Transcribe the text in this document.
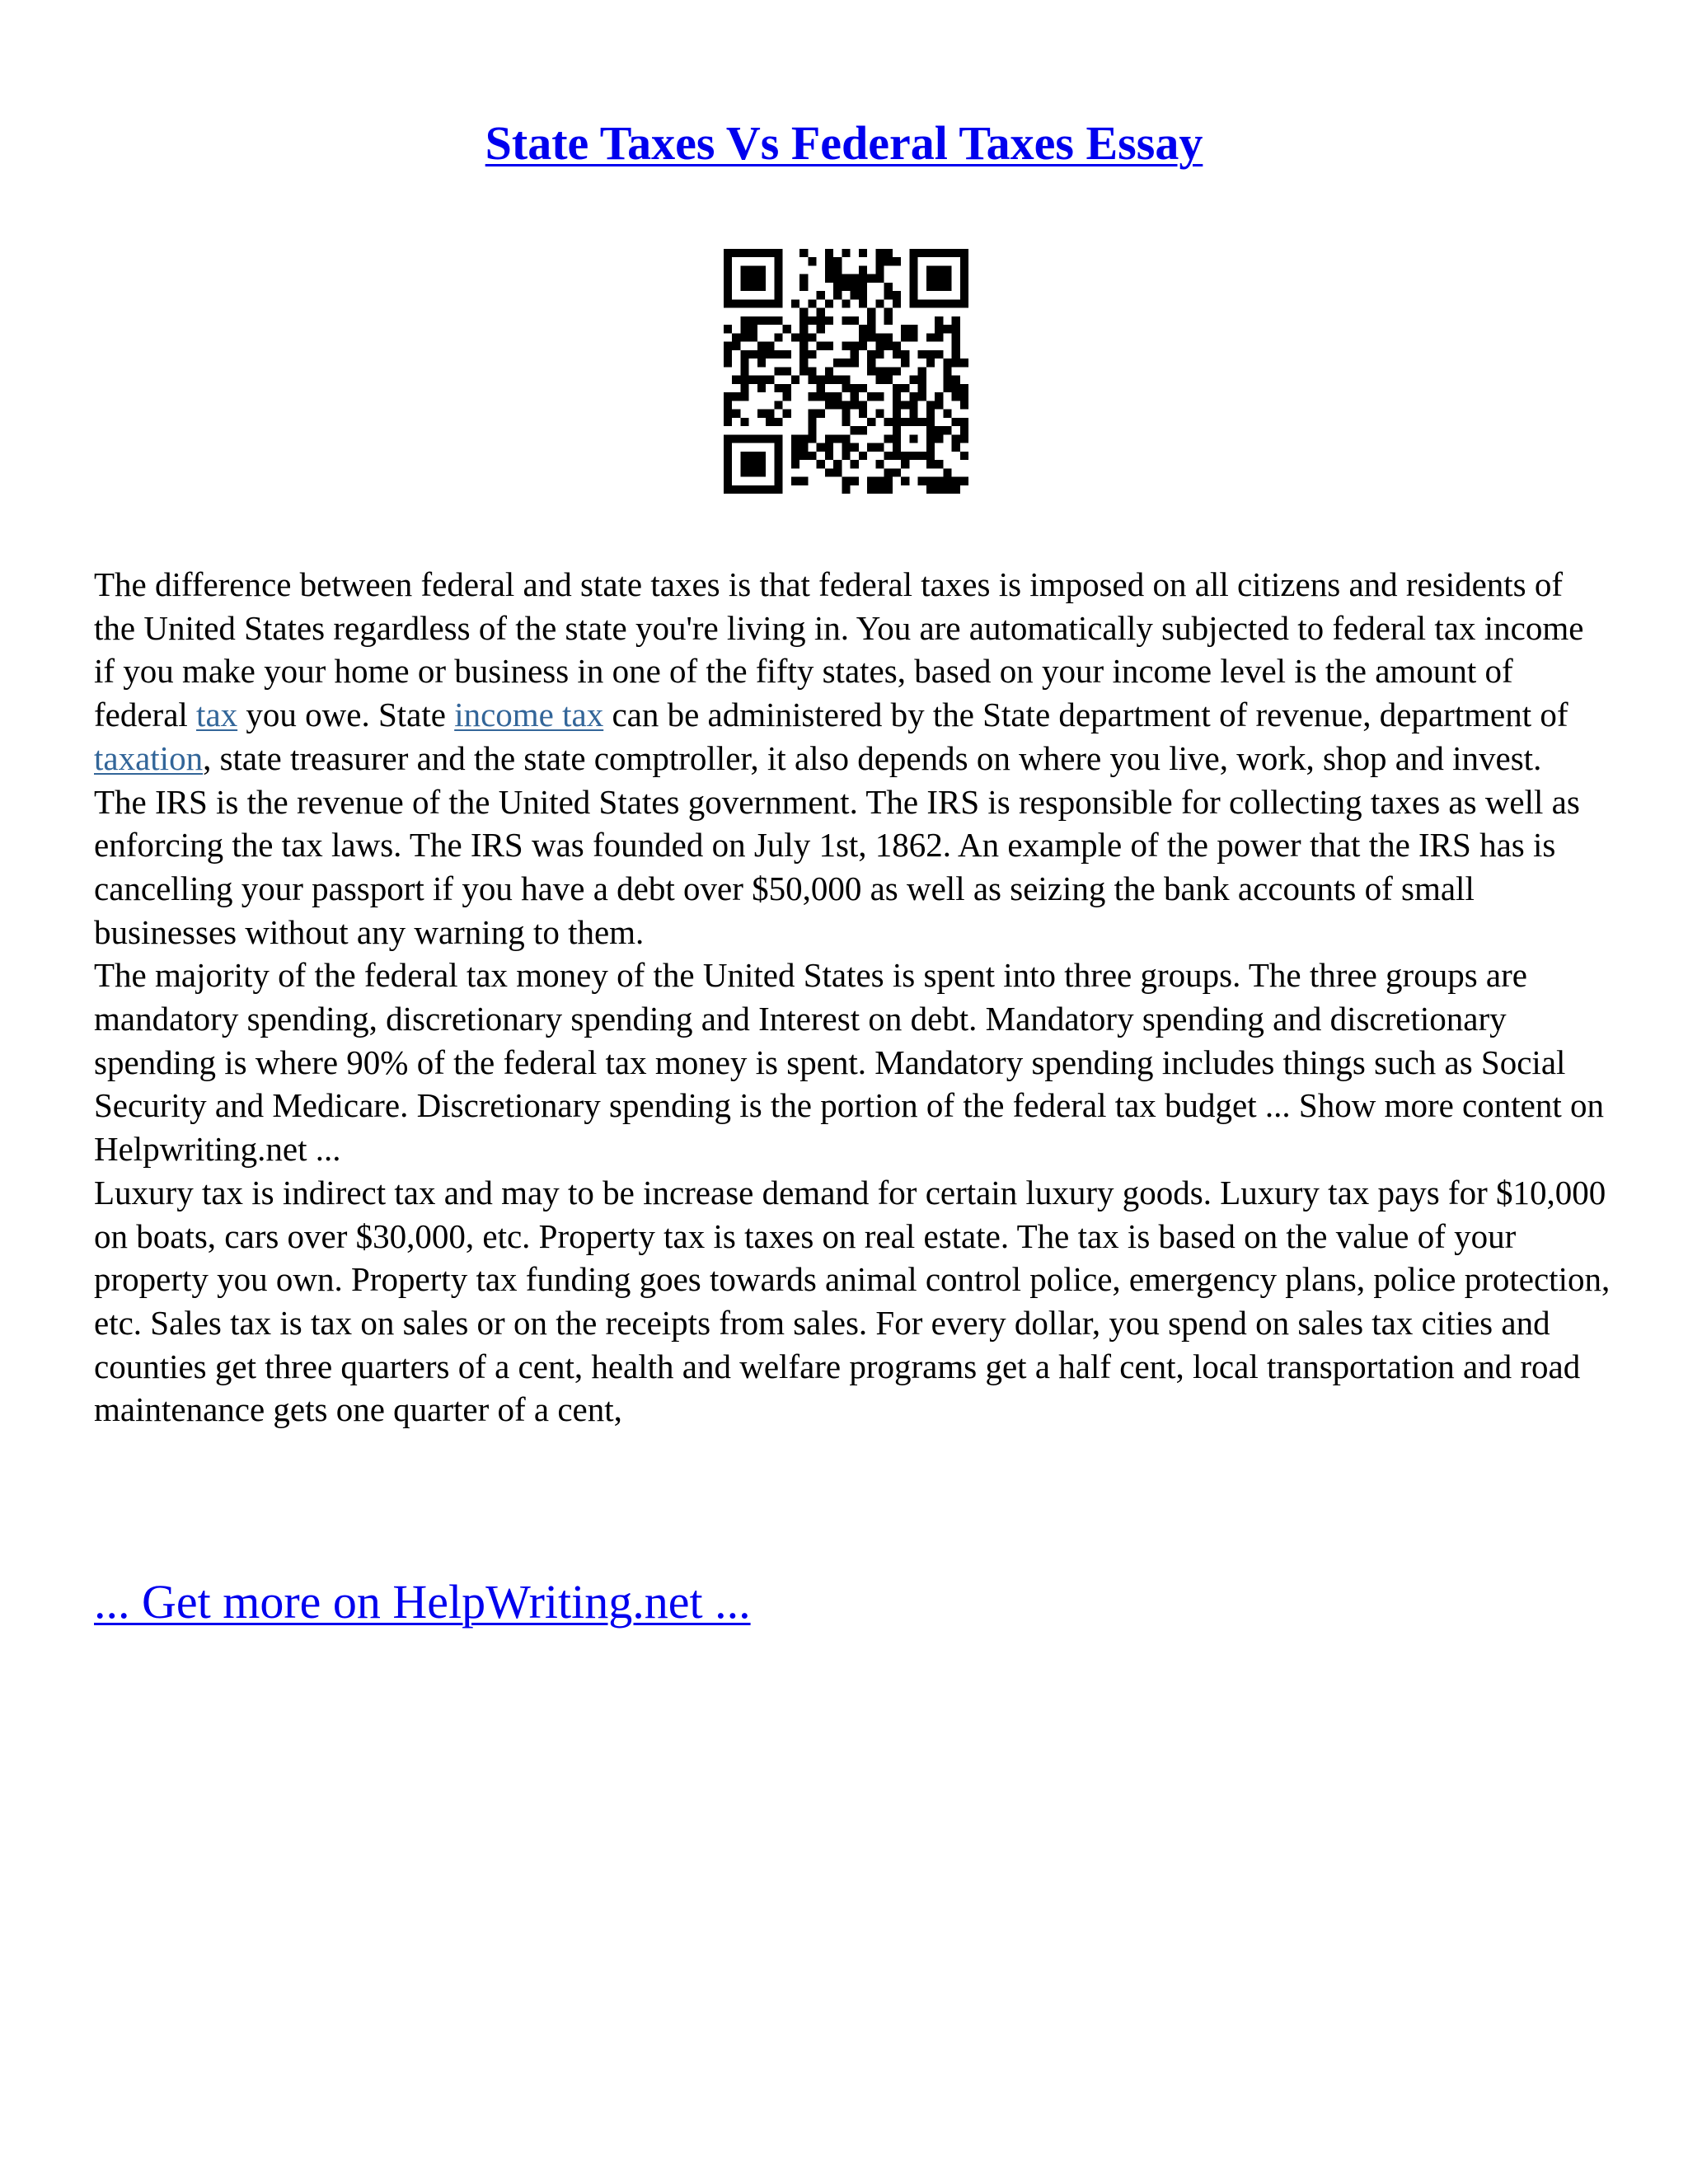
State Taxes Vs Federal Taxes Essay

The difference between federal and state taxes is that federal taxes is imposed on all citizens and residents of the United States regardless of the state you're living in. You are automatically subjected to federal tax income if you make your home or business in one of the fifty states, based on your income level is the amount of federal tax you owe. State income tax can be administered by the State department of revenue, department of taxation, state treasurer and the state comptroller, it also depends on where you live, work, shop and invest.

The IRS is the revenue of the United States government. The IRS is responsible for collecting taxes as well as enforcing the tax laws. The IRS was founded on July 1st, 1862. An example of the power that the IRS has is cancelling your passport if you have a debt over $50,000 as well as seizing the bank accounts of small businesses without any warning to them.

The majority of the federal tax money of the United States is spent into three groups. The three groups are mandatory spending, discretionary spending and Interest on debt. Mandatory spending and discretionary spending is where 90% of the federal tax money is spent. Mandatory spending includes things such as Social Security and Medicare. Discretionary spending is the portion of the federal tax budget ... Show more content on Helpwriting.net ...

Luxury tax is indirect tax and may to be increase demand for certain luxury goods. Luxury tax pays for $10,000 on boats, cars over $30,000, etc. Property tax is taxes on real estate. The tax is based on the value of your property you own. Property tax funding goes towards animal control police, emergency plans, police protection, etc. Sales tax is tax on sales or on the receipts from sales. For every dollar, you spend on sales tax cities and counties get three quarters of a cent, health and welfare programs get a half cent, local transportation and road maintenance gets one quarter of a cent,

... Get more on HelpWriting.net ...
